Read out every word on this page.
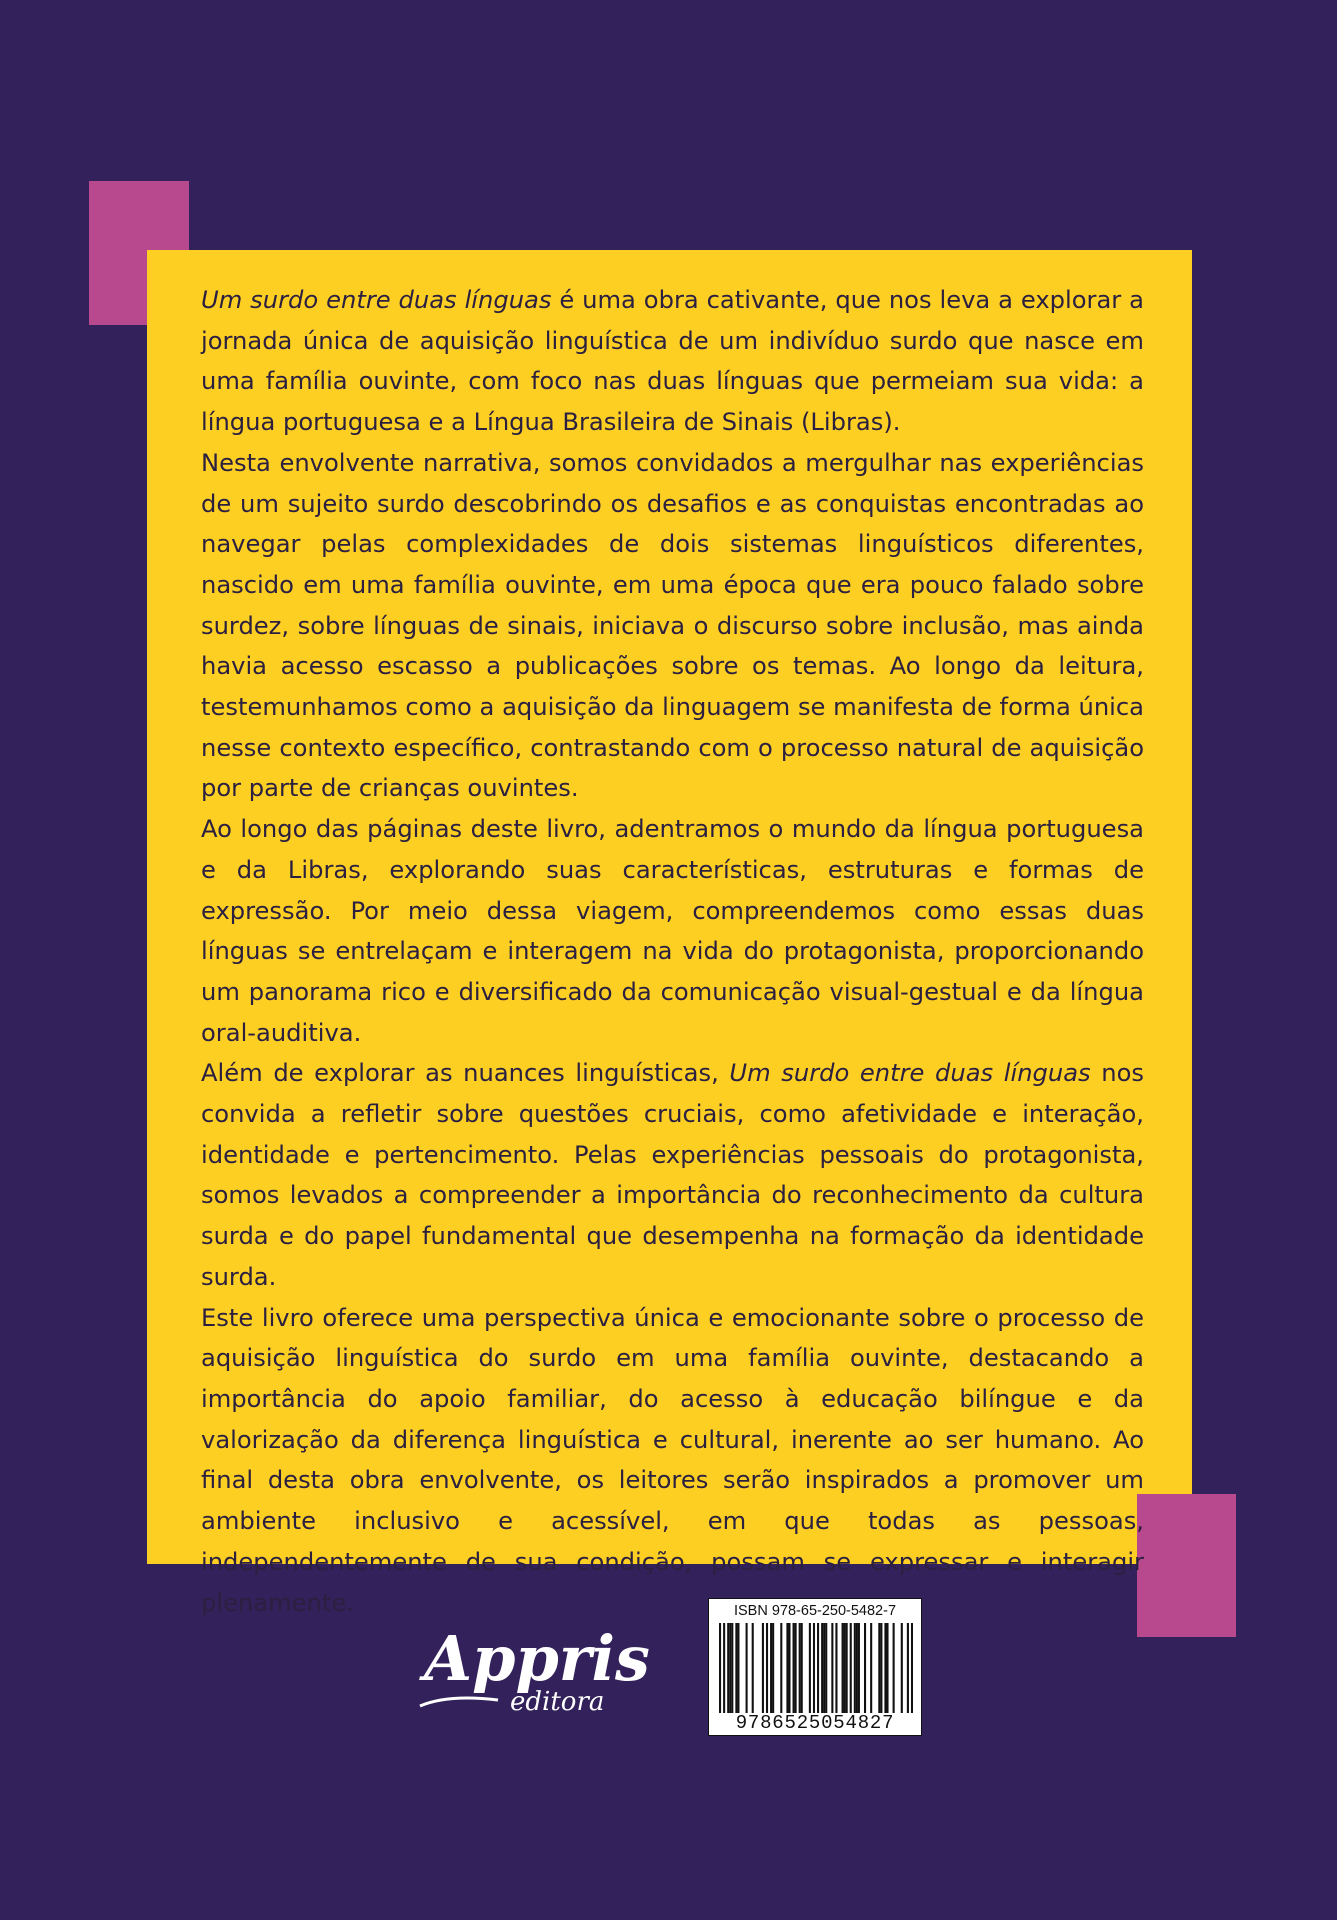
Um surdo entre duas línguas é uma obra cativante, que nos leva a explorar a jornada única de aquisição linguística de um indivíduo surdo que nasce em uma família ouvinte, com foco nas duas línguas que permeiam sua vida: a língua portuguesa e a Língua Brasileira de Sinais (Libras).

Nesta envolvente narrativa, somos convidados a mergulhar nas experiências de um sujeito surdo descobrindo os desafios e as conquistas encontradas ao navegar pelas complexidades de dois sistemas linguísticos diferentes, nascido em uma família ouvinte, em uma época que era pouco falado sobre surdez, sobre línguas de sinais, iniciava o discurso sobre inclusão, mas ainda havia acesso escasso a publicações sobre os temas. Ao longo da leitura, testemunhamos como a aquisição da linguagem se manifesta de forma única nesse contexto específico, contrastando com o processo natural de aquisição por parte de crianças ouvintes.

Ao longo das páginas deste livro, adentramos o mundo da língua portuguesa e da Libras, explorando suas características, estruturas e formas de expressão. Por meio dessa viagem, compreendemos como essas duas línguas se entrelaçam e interagem na vida do protagonista, proporcionando um panorama rico e diversificado da comunicação visual-gestual e da língua oral-auditiva.

Além de explorar as nuances linguísticas, Um surdo entre duas línguas nos convida a refletir sobre questões cruciais, como afetividade e interação, identidade e pertencimento. Pelas experiências pessoais do protagonista, somos levados a compreender a importância do reconhecimento da cultura surda e do papel fundamental que desempenha na formação da identidade surda.

Este livro oferece uma perspectiva única e emocionante sobre o processo de aquisição linguística do surdo em uma família ouvinte, destacando a importância do apoio familiar, do acesso à educação bilíngue e da valorização da diferença linguística e cultural, inerente ao ser humano. Ao final desta obra envolvente, os leitores serão inspirados a promover um ambiente inclusivo e acessível, em que todas as pessoas, independentemente de sua condição, possam se expressar e interagir plenamente.

Appris
editora
ISBN 978-65-250-5482-7
9786525054827
